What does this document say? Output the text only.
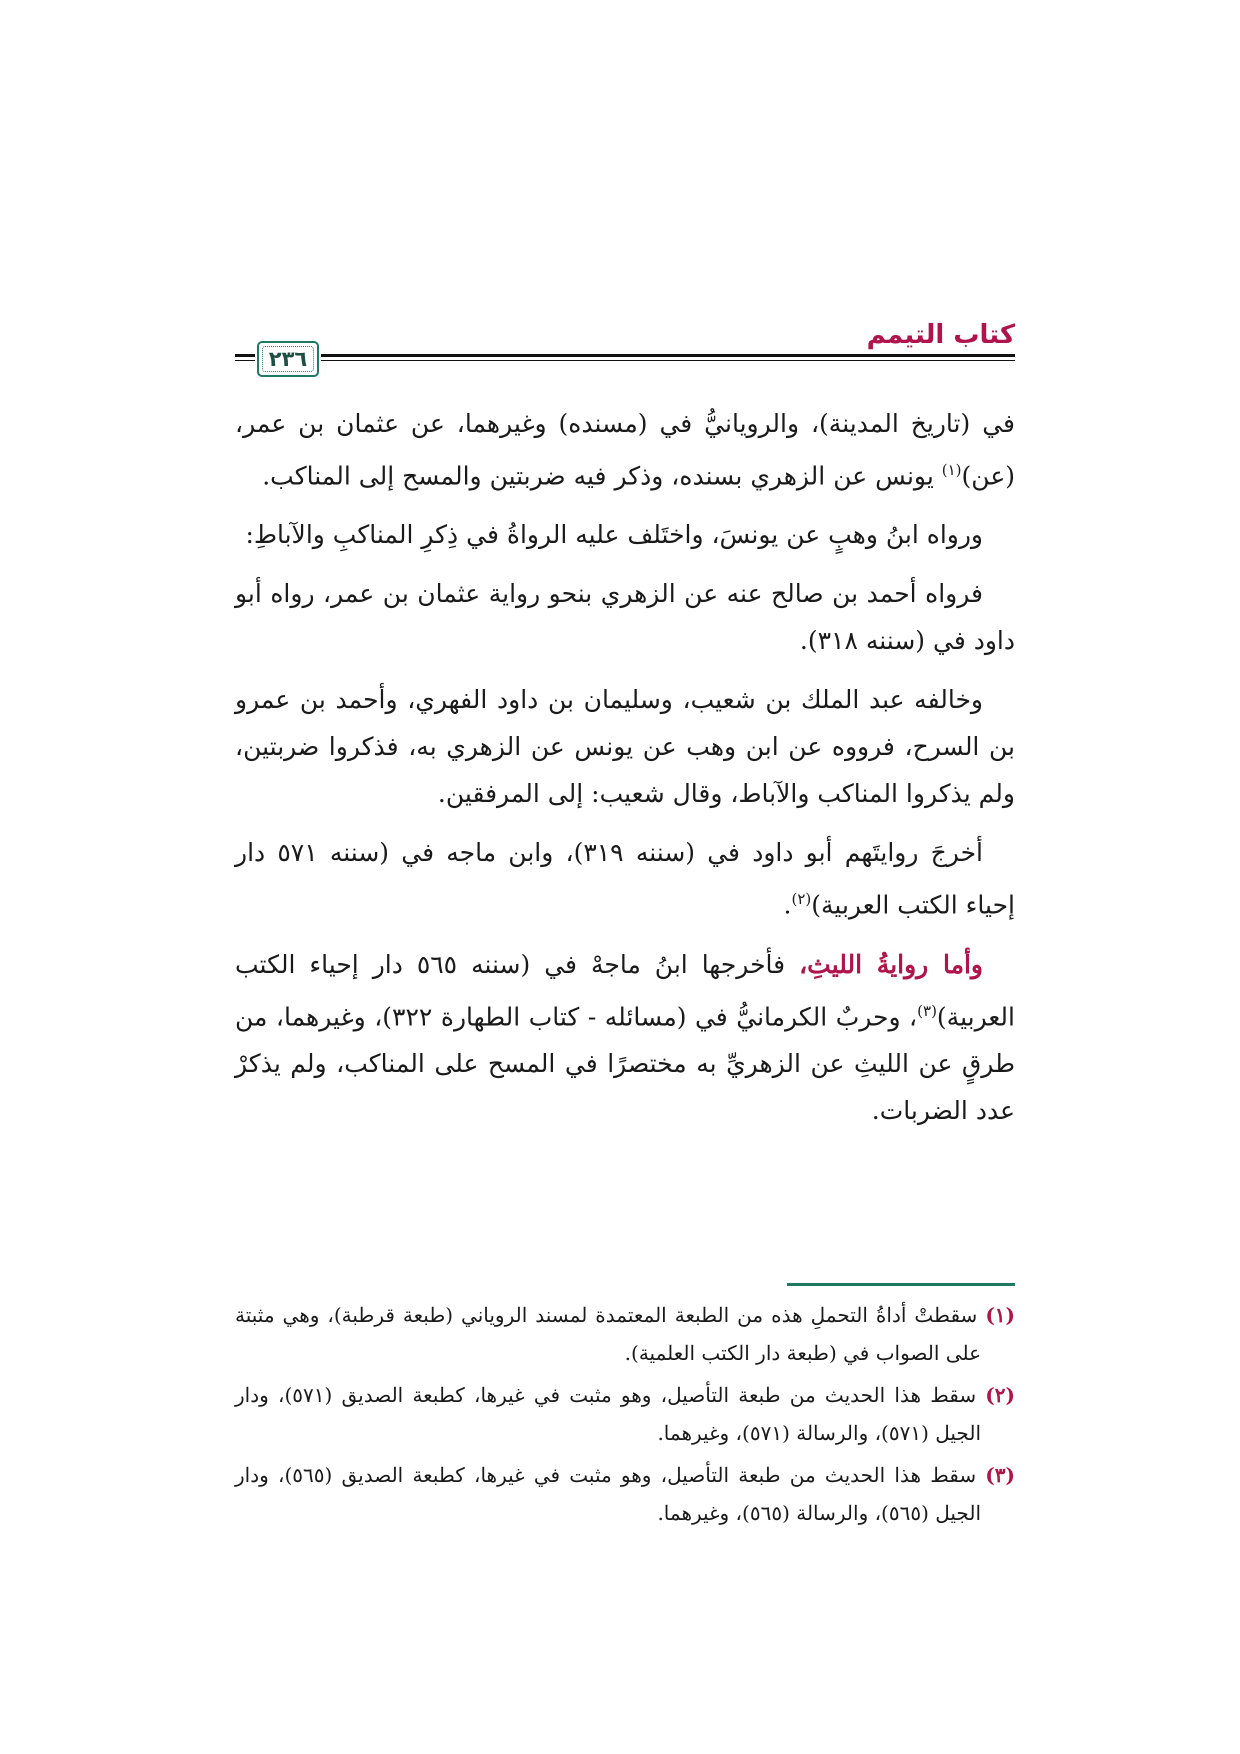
كتاب التيمم
٢٣٦

في (تاريخ المدينة)، والرويانيُّ في (مسنده) وغيرهما، عن عثمان بن عمر، (عن)$^{(١)}$ يونس عن الزهري بسنده، وذكر فيه ضربتين والمسح إلى المناكب.

ورواه ابنُ وهبٍ عن يونسَ، واختَلف عليه الرواةُ في ذِكرِ المناكبِ والآباطِ:

فرواه أحمد بن صالح عنه عن الزهري بنحو رواية عثمان بن عمر، رواه أبو داود في (سننه ٣١٨).

وخالفه عبد الملك بن شعيب، وسليمان بن داود الفهري، وأحمد بن عمرو بن السرح، فرووه عن ابن وهب عن يونس عن الزهري به، فذكروا ضربتين، ولم يذكروا المناكب والآباط، وقال شعيب: إلى المرفقين.

أخرجَ روايتَهم أبو داود في (سننه ٣١٩)، وابن ماجه في (سننه ٥٧١ دار إحياء الكتب العربية)$^{(٢)}$.

وأما روايةُ الليثِ، فأخرجها ابنُ ماجهْ في (سننه ٥٦٥ دار إحياء الكتب العربية)$^{(٣)}$، وحربٌ الكرمانيُّ في (مسائله - كتاب الطهارة ٣٢٢)، وغيرهما، من طرقٍ عن الليثِ عن الزهريِّ به مختصرًا في المسح على المناكب، ولم يذكرْ عدد الضربات.

(١) سقطتْ أداةُ التحملِ هذه من الطبعة المعتمدة لمسند الروياني (طبعة قرطبة)، وهي مثبتة على الصواب في (طبعة دار الكتب العلمية).

(٢) سقط هذا الحديث من طبعة التأصيل، وهو مثبت في غيرها، كطبعة الصديق (٥٧١)، ودار الجيل (٥٧١)، والرسالة (٥٧١)، وغيرهما.

(٣) سقط هذا الحديث من طبعة التأصيل، وهو مثبت في غيرها، كطبعة الصديق (٥٦٥)، ودار الجيل (٥٦٥)، والرسالة (٥٦٥)، وغيرهما.
